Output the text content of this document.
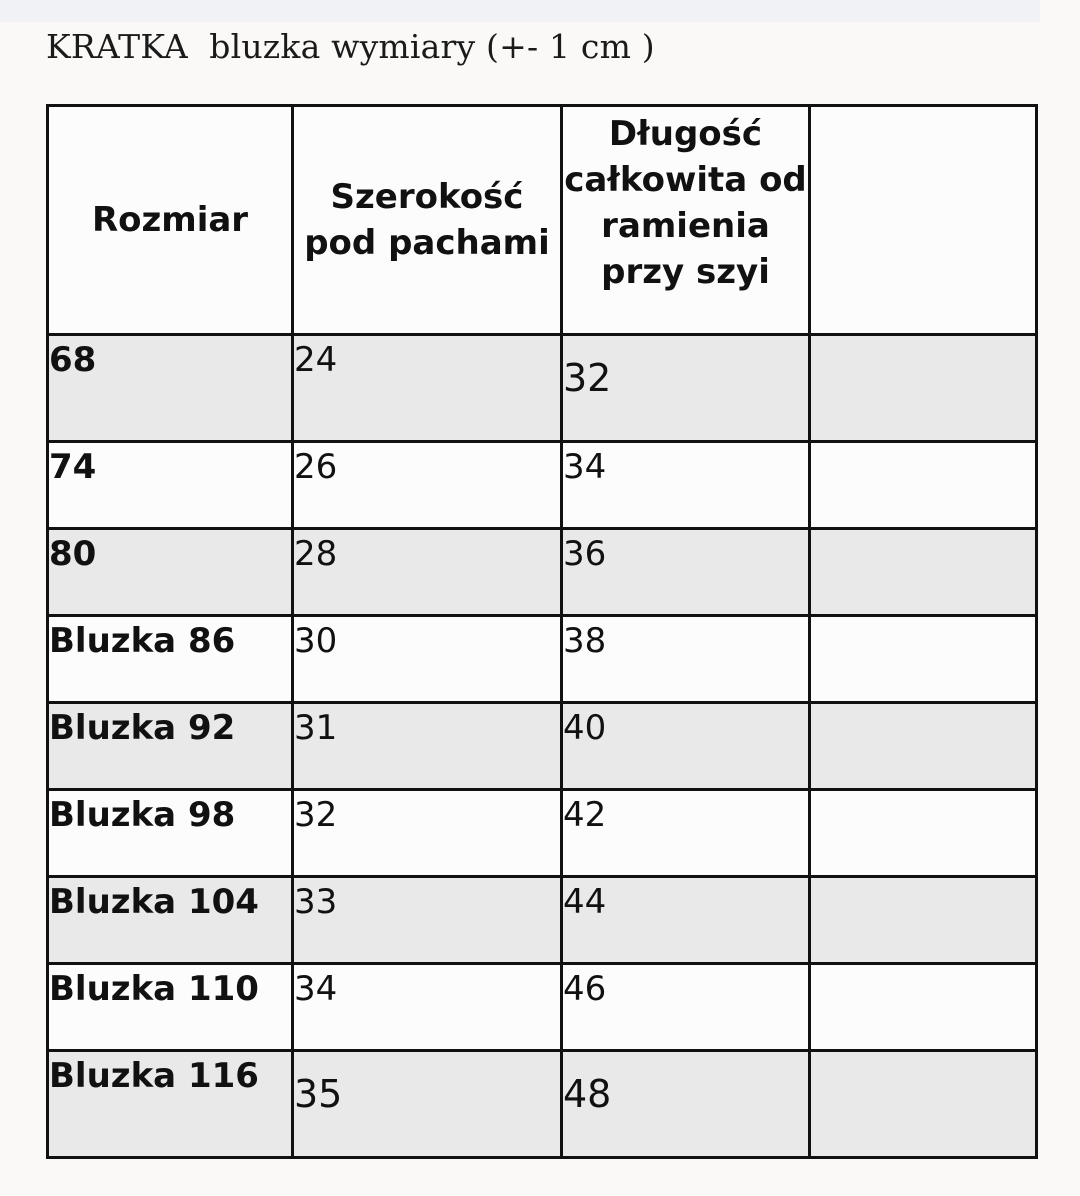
KRATKA  bluzka wymiary (+- 1 cm )
Rozmiar	Szerokość pod pachami	Długość całkowita od ramienia przy szyi	
68	24	32	
74	26	34	
80	28	36	
Bluzka 86	30	38	
Bluzka 92	31	40	
Bluzka 98	32	42	
Bluzka 104	33	44	
Bluzka 110	34	46	
Bluzka 116	35	48	
